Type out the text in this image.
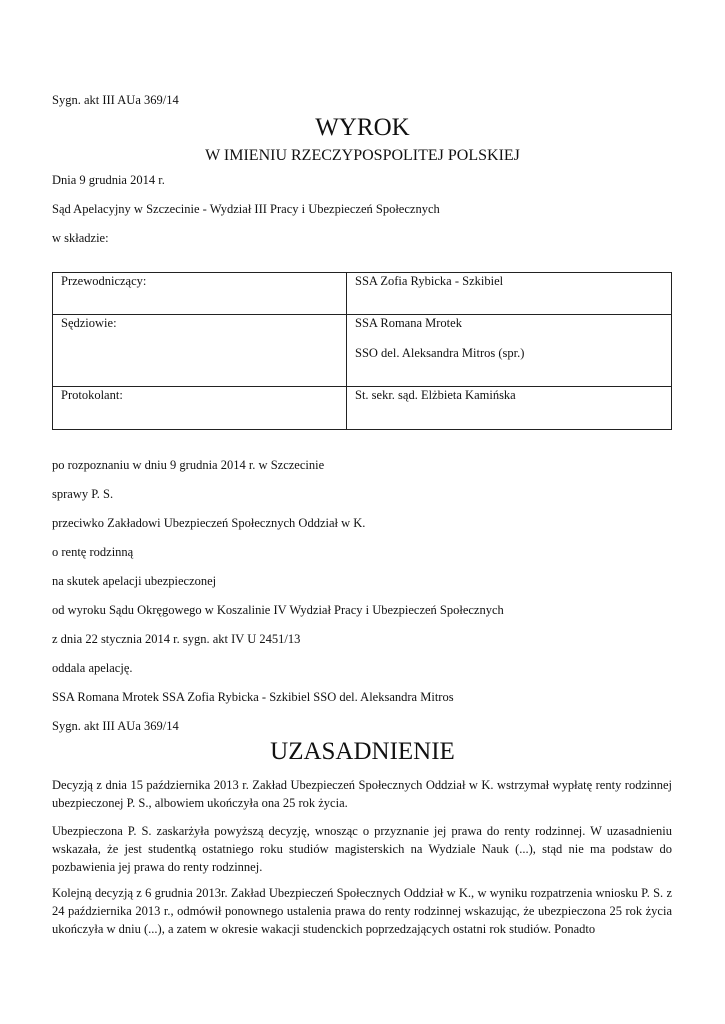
Sygn. akt III AUa 369/14
WYROK
W IMIENIU RZECZYPOSPOLITEJ POLSKIEJ
Dnia 9 grudnia 2014 r.
Sąd Apelacyjny w Szczecinie - Wydział III Pracy i Ubezpieczeń Społecznych
w składzie:
Przewodniczący:	SSA Zofia Rybicka - Szkibiel

Sędziowie:	SSA Romana Mrotek
SSO del. Aleksandra Mitros (spr.)

Protokolant:	St. sekr. sąd. Elżbieta Kamińska
po rozpoznaniu w dniu 9 grudnia 2014 r. w Szczecinie
sprawy P. S.
przeciwko Zakładowi Ubezpieczeń Społecznych Oddział w K.
o rentę rodzinną
na skutek apelacji ubezpieczonej
od wyroku Sądu Okręgowego w Koszalinie IV Wydział Pracy i Ubezpieczeń Społecznych
z dnia 22 stycznia 2014 r. sygn. akt IV U 2451/13
oddala apelację.
SSA Romana Mrotek SSA Zofia Rybicka - Szkibiel SSO del. Aleksandra Mitros
Sygn. akt III AUa 369/14
UZASADNIENIE
Decyzją z dnia 15 października 2013 r. Zakład Ubezpieczeń Społecznych Oddział w K. wstrzymał wypłatę renty rodzinnej ubezpieczonej P. S., albowiem ukończyła ona 25 rok życia.
Ubezpieczona P. S. zaskarżyła powyższą decyzję, wnosząc o przyznanie jej prawa do renty rodzinnej. W uzasadnieniu wskazała, że jest studentką ostatniego roku studiów magisterskich na Wydziale Nauk (...), stąd nie ma podstaw do pozbawienia jej prawa do renty rodzinnej.
Kolejną decyzją z 6 grudnia 2013r. Zakład Ubezpieczeń Społecznych Oddział w K., w wyniku rozpatrzenia wniosku P. S. z 24 października 2013 r., odmówił ponownego ustalenia prawa do renty rodzinnej wskazując, że ubezpieczona 25 rok życia ukończyła w dniu (...), a zatem w okresie wakacji studenckich poprzedzających ostatni rok studiów. Ponadto
